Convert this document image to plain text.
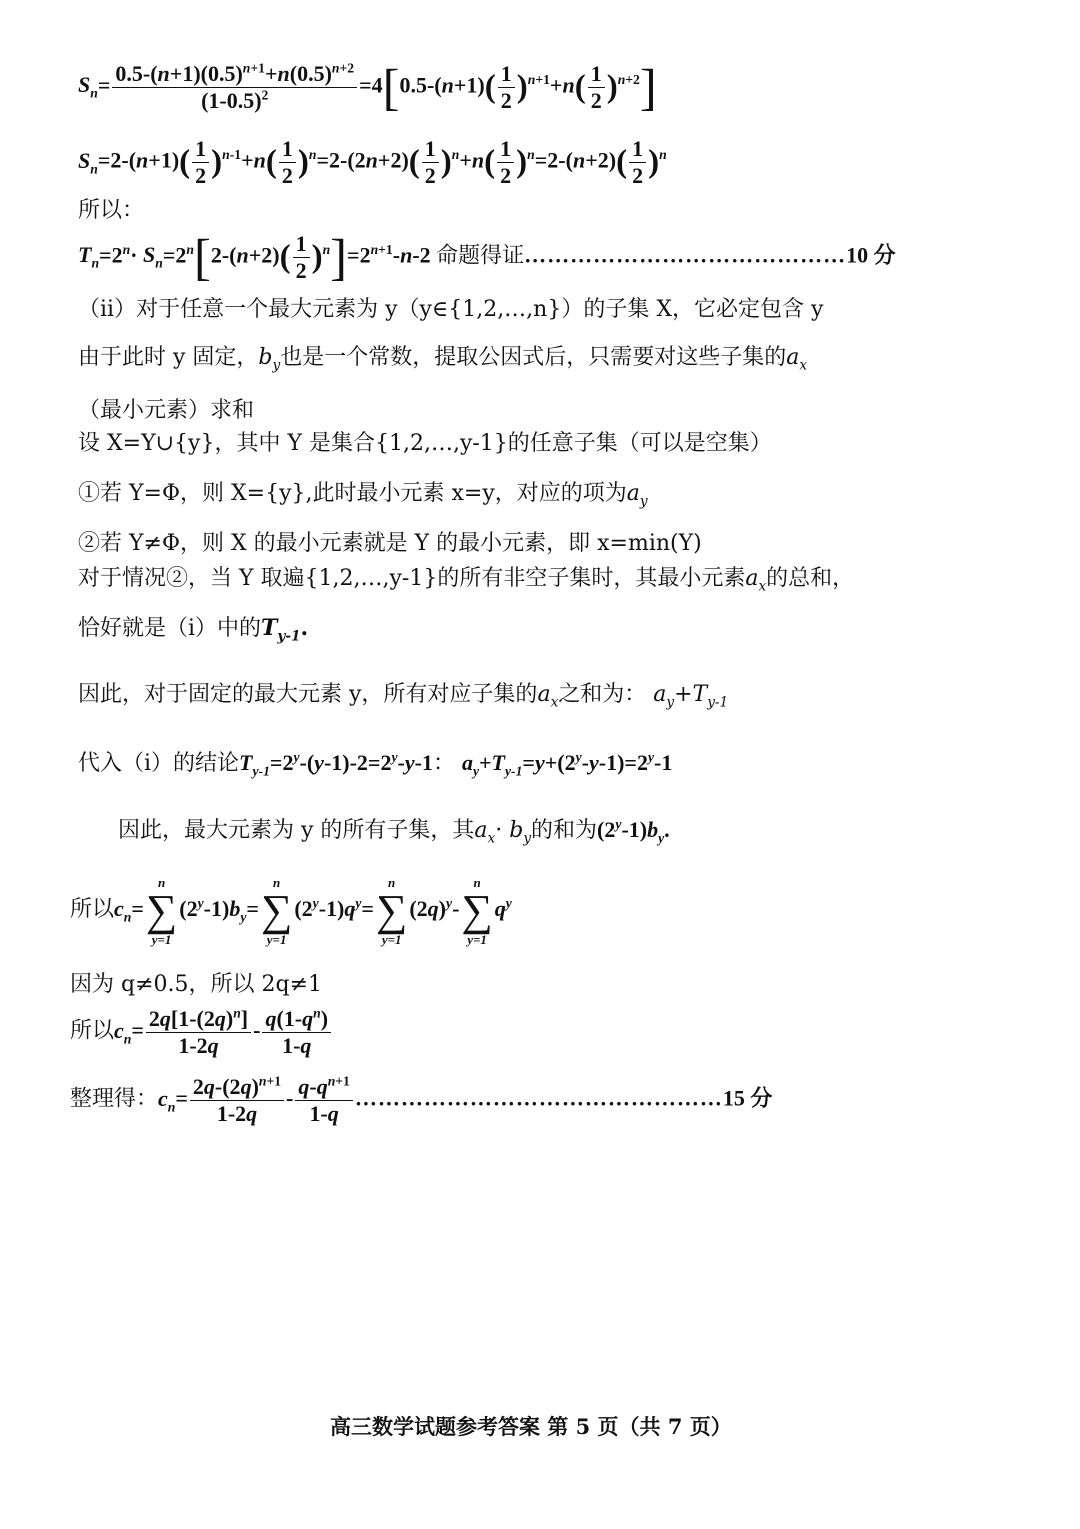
$S_n= \frac{0.5-(n+1)(0.5)^{n+1}+n(0.5)^{n+2}}{(1-0.5)^2} =4[0.5-(n+1)( \frac{1}{2} )^{n+1}+n( \frac{1}{2} )^{n+2}]$
$S_n=2-(n+1)( \frac{1}{2} )^{n-1}+n( \frac{1}{2} )^n=2-(2n+2)( \frac{1}{2} )^n+n( \frac{1}{2} )^n=2-(n+2)( \frac{1}{2} )^n$
所以：
$T_n=2^n\cdot S_n=2^n[2-(n+2)( \frac{1}{2} )^n]=2^{n+1}-n-2$ 命题得证……………………………………10 分
（ii）对于任意一个最大元素为 y（y∈{1,2,…,n}）的子集 X，它必定包含 y
由于此时 y 固定，$b_y$也是一个常数，提取公因式后，只需要对这些子集的$a_x$
（最小元素）求和
设 X=Y∪{y}，其中 Y 是集合{1,2,…,y-1}的任意子集（可以是空集）
①若 Y=Φ，则 X={y},此时最小元素 x=y，对应的项为$a_y$
②若 Y≠Φ，则 X 的最小元素就是 Y 的最小元素，即 x=min(Y)
对于情况②，当 Y 取遍{1,2,…,y-1}的所有非空子集时，其最小元素$a_x$的总和，
恰好就是（i）中的$T_{y-1}$.
因此，对于固定的最大元素 y，所有对应子集的$a_x$之和为： $a_y+T_{y-1}$
代入（i）的结论$T_{y-1}=2^y-(y-1)-2=2^y-y-1$： $a_y+T_{y-1}=y+(2^y-y-1)=2^y-1$
因此，最大元素为 y 的所有子集，其$a_x\cdot b_y$的和为$(2^y-1)b_y$.
所以$c_n=$
n
∑
y=1
$(2^y-1)b_y=$
n
∑
y=1
$(2^y-1)q^y=$
n
∑
y=1
$(2q)^y-$
n
∑
y=1
$q^y$
因为 q≠0.5，所以 2q≠1
所以$c_n= \frac{2q[1-(2q)^n]}{1-2q} - \frac{q(1-q^n)}{1-q}$
整理得：$c_n= \frac{2q-(2q)^{n+1}}{1-2q} - \frac{q-q^{n+1}}{1-q}$ …………………………………………15 分
高三数学试题参考答案 第 5 页（共 7 页）
